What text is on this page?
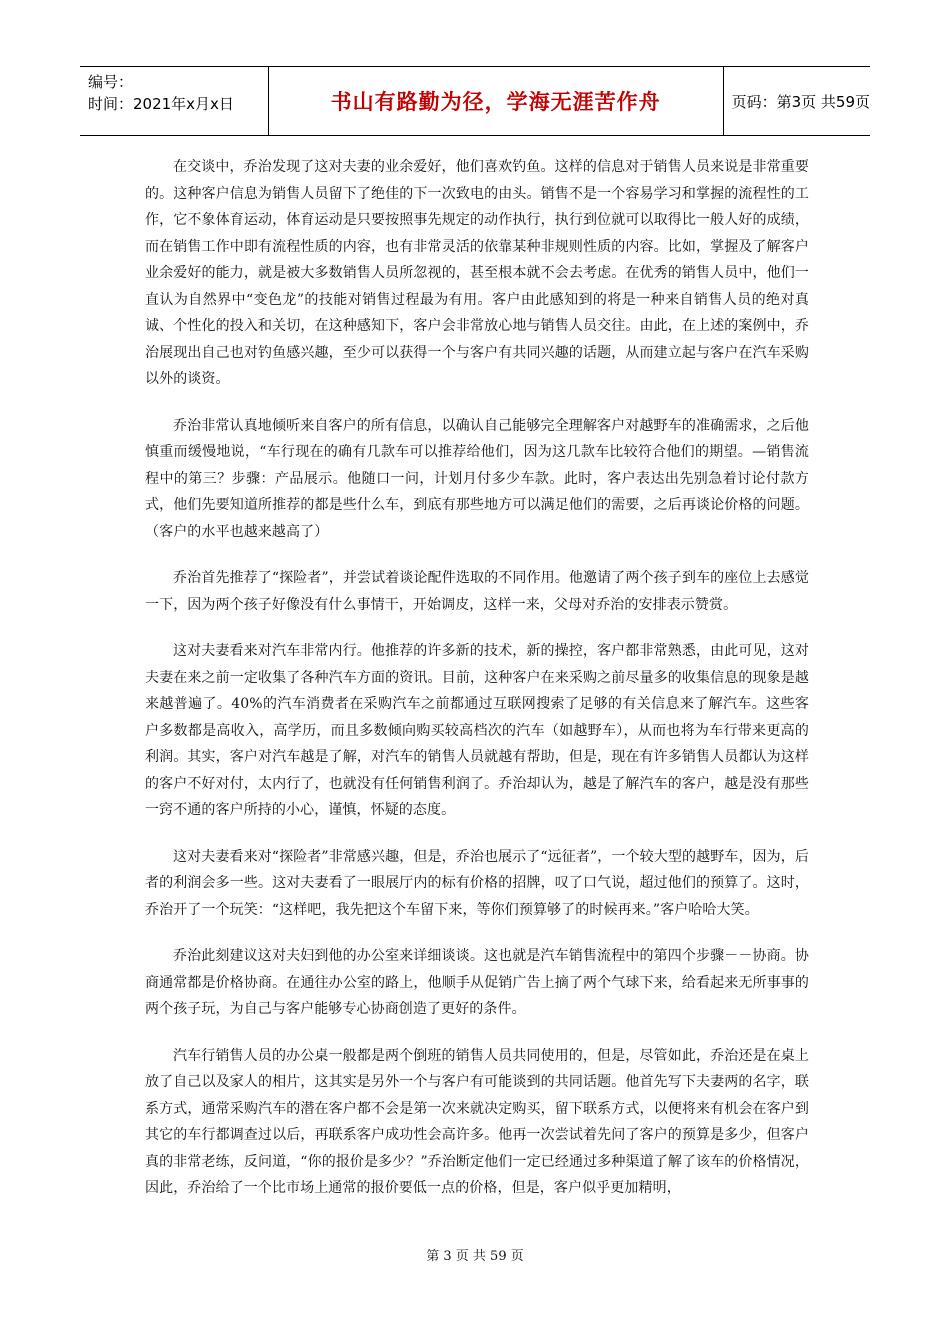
编号：
时间：2021年x月x日	书山有路勤为径，学海无涯苦作舟	页码：第3页 共59页

在交谈中，乔治发现了这对夫妻的业余爱好，他们喜欢钓鱼。这样的信息对于销售人员来说是非常重要的。这种客户信息为销售人员留下了绝佳的下一次致电的由头。销售不是一个容易学习和掌握的流程性的工作，它不象体育运动，体育运动是只要按照事先规定的动作执行，执行到位就可以取得比一般人好的成绩，而在销售工作中即有流程性质的内容，也有非常灵活的依靠某种非规则性质的内容。比如，掌握及了解客户业余爱好的能力，就是被大多数销售人员所忽视的，甚至根本就不会去考虑。在优秀的销售人员中，他们一直认为自然界中“变色龙”的技能对销售过程最为有用。客户由此感知到的将是一种来自销售人员的绝对真诚、个性化的投入和关切，在这种感知下，客户会非常放心地与销售人员交往。由此，在上述的案例中，乔治展现出自己也对钓鱼感兴趣，至少可以获得一个与客户有共同兴趣的话题，从而建立起与客户在汽车采购以外的谈资。

乔治非常认真地倾听来自客户的所有信息，以确认自己能够完全理解客户对越野车的准确需求，之后他慎重而缓慢地说，“车行现在的确有几款车可以推荐给他们，因为这几款车比较符合他们的期望。—销售流程中的第三？步骤：产品展示。他随口一问，计划月付多少车款。此时，客户表达出先别急着讨论付款方式，他们先要知道所推荐的都是些什么车，到底有那些地方可以满足他们的需要，之后再谈论价格的问题。（客户的水平也越来越高了）

乔治首先推荐了“探险者”，并尝试着谈论配件选取的不同作用。他邀请了两个孩子到车的座位上去感觉一下，因为两个孩子好像没有什么事情干，开始调皮，这样一来，父母对乔治的安排表示赞赏。

这对夫妻看来对汽车非常内行。他推荐的许多新的技术，新的操控，客户都非常熟悉，由此可见，这对夫妻在来之前一定收集了各种汽车方面的资讯。目前，这种客户在来采购之前尽量多的收集信息的现象是越来越普遍了。40%的汽车消费者在采购汽车之前都通过互联网搜索了足够的有关信息来了解汽车。这些客户多数都是高收入，高学历，而且多数倾向购买较高档次的汽车（如越野车），从而也将为车行带来更高的利润。其实，客户对汽车越是了解，对汽车的销售人员就越有帮助，但是，现在有许多销售人员都认为这样的客户不好对付，太内行了，也就没有任何销售利润了。乔治却认为，越是了解汽车的客户，越是没有那些一窍不通的客户所持的小心，谨慎，怀疑的态度。

这对夫妻看来对“探险者”非常感兴趣，但是，乔治也展示了“远征者”，一个较大型的越野车，因为，后者的利润会多一些。这对夫妻看了一眼展厅内的标有价格的招牌，叹了口气说，超过他们的预算了。这时，乔治开了一个玩笑：“这样吧，我先把这个车留下来，等你们预算够了的时候再来。”客户哈哈大笑。

乔治此刻建议这对夫妇到他的办公室来详细谈谈。这也就是汽车销售流程中的第四个步骤－－协商。协商通常都是价格协商。在通往办公室的路上，他顺手从促销广告上摘了两个气球下来，给看起来无所事事的两个孩子玩，为自己与客户能够专心协商创造了更好的条件。

汽车行销售人员的办公桌一般都是两个倒班的销售人员共同使用的，但是，尽管如此，乔治还是在桌上放了自己以及家人的相片，这其实是另外一个与客户有可能谈到的共同话题。他首先写下夫妻两的名字，联系方式，通常采购汽车的潜在客户都不会是第一次来就决定购买，留下联系方式，以便将来有机会在客户到其它的车行都调查过以后，再联系客户成功性会高许多。他再一次尝试着先问了客户的预算是多少，但客户真的非常老练，反问道，“你的报价是多少？”乔治断定他们一定已经通过多种渠道了解了该车的价格情况，因此，乔治给了一个比市场上通常的报价要低一点的价格，但是，客户似乎更加精明，

第 3 页 共 59 页
